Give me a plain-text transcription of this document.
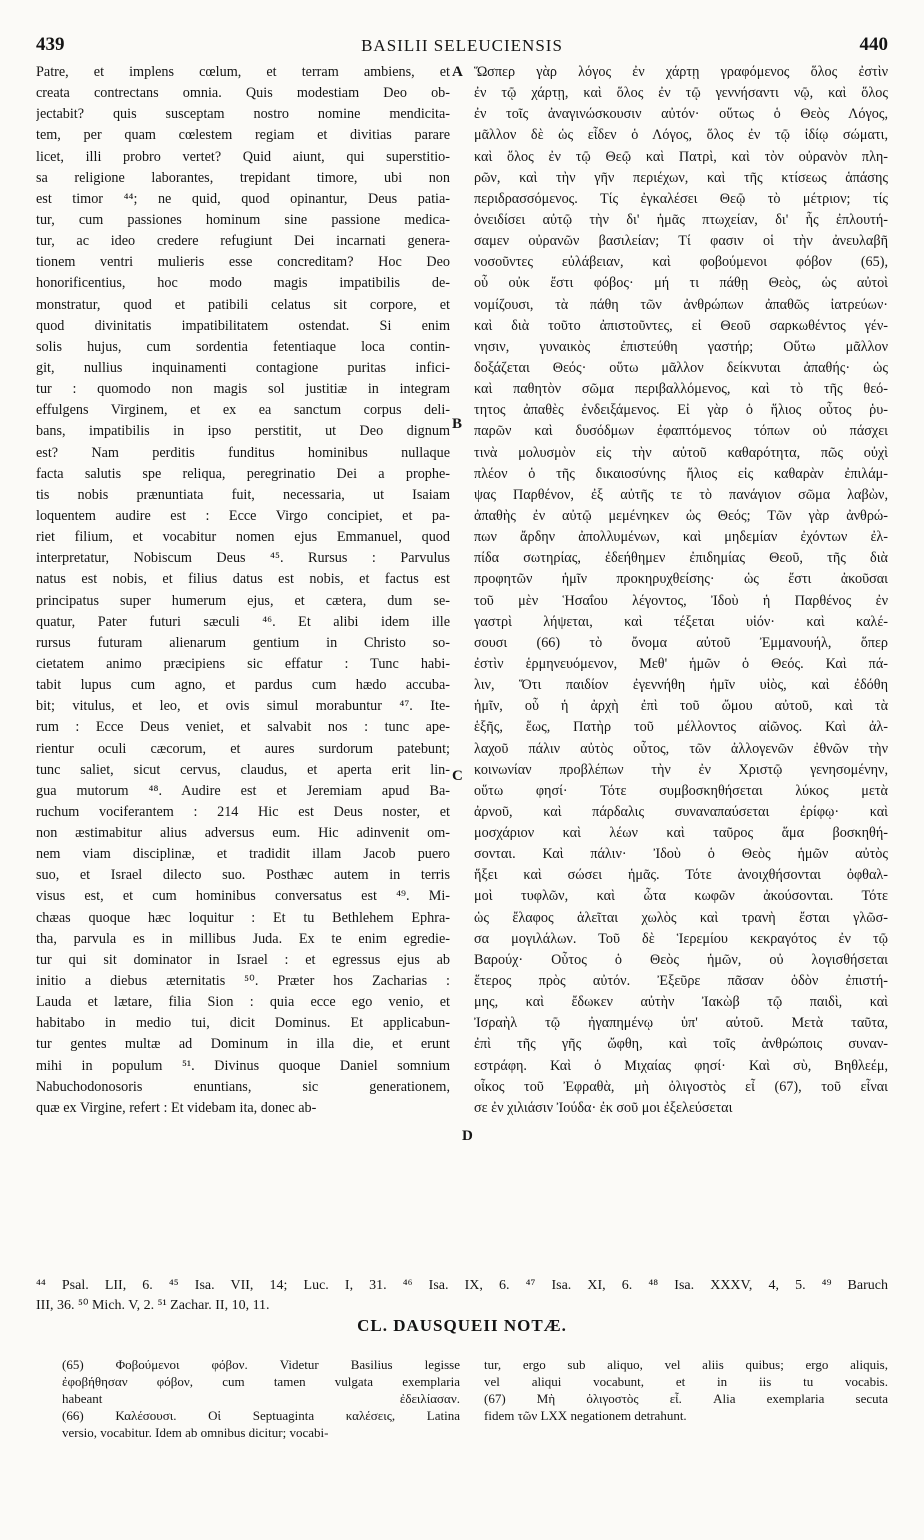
439	BASILII SELEUCIENSIS	440
Patre, et implens cœlum, et terram ambiens, et
creata contrectans omnia. Quis modestiam Deo ob-
jectabit? quis susceptam nostro nomine mendicita-
tem, per quam cœlestem regiam et divitias parare
licet, illi probro vertet? Quid aiunt, qui superstitio-
sa religione laborantes, trepidant timore, ubi non
est timor ⁴⁴; ne quid, quod opinantur, Deus patia-
tur, cum passiones hominum sine passione medica-
tur, ac ideo credere refugiunt Dei incarnati genera-
tionem ventri mulieris esse concreditam? Hoc Deo
honorificentius, hoc modo magis impatibilis de-
monstratur, quod et patibili celatus sit corpore, et
quod divinitatis impatibilitatem ostendat. Si enim
solis hujus, cum sordentia fetentiaque loca contin-
git, nullius inquinamenti contagione puritas infici-
tur : quomodo non magis sol justitiæ in integram
effulgens Virginem, et ex ea sanctum corpus deli-
bans, impatibilis in ipso perstitit, ut Deo dignum
est? Nam perditis funditus hominibus nullaque
facta salutis spe reliqua, peregrinatio Dei a prophe-
tis nobis prænuntiata fuit, necessaria, ut Isaiam
loquentem audire est : Ecce Virgo concipiet, et pa-
riet filium, et vocabitur nomen ejus Emmanuel, quod
interpretatur, Nobiscum Deus ⁴⁵. Rursus : Parvulus
natus est nobis, et filius datus est nobis, et factus est
principatus super humerum ejus, et cætera, dum se-
quatur, Pater futuri sæculi ⁴⁶. Et alibi idem ille
rursus futuram alienarum gentium in Christo so-
cietatem animo præcipiens sic effatur : Tunc habi-
tabit lupus cum agno, et pardus cum hædo accuba-
bit; vitulus, et leo, et ovis simul morabuntur ⁴⁷. Ite-
rum : Ecce Deus veniet, et salvabit nos : tunc ape-
rientur oculi cæcorum, et aures surdorum patebunt;
tunc saliet, sicut cervus, claudus, et aperta erit lin-
gua mutorum ⁴⁸. Audire est et Jeremiam apud Ba-
ruchum vociferantem : 214 Hic est Deus noster, et
non æstimabitur alius adversus eum. Hic adinvenit om-
nem viam disciplinæ, et tradidit illam Jacob puero
suo, et Israel dilecto suo. Posthæc autem in terris
visus est, et cum hominibus conversatus est ⁴⁹. Mi-
chæas quoque hæc loquitur : Et tu Bethlehem Ephra-
tha, parvula es in millibus Juda. Ex te enim egredie-
tur qui sit dominator in Israel : et egressus ejus ab
initio a diebus æternitatis ⁵⁰. Præter hos Zacharias :
Lauda et lætare, filia Sion : quia ecce ego venio, et
habitabo in medio tui, dicit Dominus. Et applicabun-
tur gentes multæ ad Dominum in illa die, et erunt
mihi in populum ⁵¹. Divinus quoque Daniel somnium
Nabuchodonosoris enuntians, sic generationem,
quæ ex Virgine, refert : Et videbam ita, donec ab-
Ὥσπερ γὰρ λόγος ἐν χάρτῃ γραφόμενος ὅλος ἐστὶν
ἐν τῷ χάρτῃ, καὶ ὅλος ἐν τῷ γεννήσαντι νῷ, καὶ ὅλος
ἐν τοῖς ἀναγινώσκουσιν αὐτόν· οὕτως ὁ Θεὸς Λόγος,
μᾶλλον δὲ ὡς εἶδεν ὁ Λόγος, ὅλος ἐν τῷ ἰδίῳ σώματι,
καὶ ὅλος ἐν τῷ Θεῷ καὶ Πατρὶ, καὶ τὸν οὐρανὸν πλη-
ρῶν, καὶ τὴν γῆν περιέχων, καὶ τῆς κτίσεως ἁπάσης
περιδρασσόμενος. Τίς ἐγκαλέσει Θεῷ τὸ μέτριον; τίς
ὀνειδίσει αὐτῷ τὴν δι' ἡμᾶς πτωχείαν, δι' ἧς ἐπλουτή-
σαμεν οὐρανῶν βασιλείαν; Τί φασιν οἱ τὴν ἀνευλαβῆ
νοσοῦντες εὐλάβειαν, καὶ φοβούμενοι φόβον (65),
οὗ οὐκ ἔστι φόβος· μή τι πάθῃ Θεὸς, ὡς αὐτοὶ
νομίζουσι, τὰ πάθη τῶν ἀνθρώπων ἀπαθῶς ἰατρεύων·
καὶ διὰ τοῦτο ἀπιστοῦντες, εἰ Θεοῦ σαρκωθέντος γέν-
νησιν, γυναικὸς ἐπιστεύθη γαστήρ; Οὕτω μᾶλλον
δοξάζεται Θεός· οὕτω μᾶλλον δείκνυται ἀπαθής· ὡς
καὶ παθητὸν σῶμα περιβαλλόμενος, καὶ τὸ τῆς θεό-
τητος ἀπαθὲς ἐνδειξάμενος. Εἰ γὰρ ὁ ἥλιος οὗτος ῥυ-
παρῶν καὶ δυσόδμων ἐφαπτόμενος τόπων οὐ πάσχει
τινὰ μολυσμὸν εἰς τὴν αὐτοῦ καθαρότητα, πῶς οὐχὶ
πλέον ὁ τῆς δικαιοσύνης ἥλιος εἰς καθαρὰν ἐπιλάμ-
ψας Παρθένον, ἐξ αὐτῆς τε τὸ πανάγιον σῶμα λαβὼν,
ἀπαθὴς ἐν αὐτῷ μεμένηκεν ὡς Θεός; Τῶν γὰρ ἀνθρώ-
πων ἄρδην ἀπολλυμένων, καὶ μηδεμίαν ἐχόντων ἐλ-
πίδα σωτηρίας, ἐδεήθημεν ἐπιδημίας Θεοῦ, τῆς διὰ
προφητῶν ἡμῖν προκηρυχθείσης· ὡς ἔστι ἀκοῦσαι
τοῦ μὲν Ἡσαΐου λέγοντος, Ἰδοὺ ἡ Παρθένος ἐν
γαστρὶ λήψεται, καὶ τέξεται υἱόν· καὶ καλέ-
σουσι (66) τὸ ὄνομα αὐτοῦ Ἐμμανουήλ, ὅπερ
ἐστὶν ἑρμηνευόμενον, Μεθ' ἡμῶν ὁ Θεός. Καὶ πά-
λιν, Ὅτι παιδίον ἐγεννήθη ἡμῖν υἱὸς, καὶ ἐδόθη
ἡμῖν, οὗ ἡ ἀρχὴ ἐπὶ τοῦ ὤμου αὐτοῦ, καὶ τὰ
ἑξῆς, ἕως, Πατὴρ τοῦ μέλλοντος αἰῶνος. Καὶ ἀλ-
λαχοῦ πάλιν αὐτὸς οὗτος, τῶν ἀλλογενῶν ἐθνῶν τὴν
κοινωνίαν προβλέπων τὴν ἐν Χριστῷ γενησομένην,
οὕτω φησί· Τότε συμβοσκηθήσεται λύκος μετὰ
ἀρνοῦ, καὶ πάρδαλις συναναπαύσεται ἐρίφῳ· καὶ
μοσχάριον καὶ λέων καὶ ταῦρος ἅμα βοσκηθή-
σονται. Καὶ πάλιν· Ἰδοὺ ὁ Θεὸς ἡμῶν αὐτὸς
ἥξει καὶ σώσει ἡμᾶς. Τότε ἀνοιχθήσονται ὀφθαλ-
μοὶ τυφλῶν, καὶ ὦτα κωφῶν ἀκούσονται. Τότε
ὡς ἔλαφος ἁλεῖται χωλὸς καὶ τρανὴ ἔσται γλῶσ-
σα μογιλάλων. Τοῦ δὲ Ἱερεμίου κεκραγότος ἐν τῷ
Βαρούχ· Οὗτος ὁ Θεὸς ἡμῶν, οὐ λογισθήσεται
ἕτερος πρὸς αὐτόν. Ἐξεῦρε πᾶσαν ὁδὸν ἐπιστή-
μης, καὶ ἔδωκεν αὐτὴν Ἰακὼβ τῷ παιδὶ, καὶ
Ἰσραὴλ τῷ ἠγαπημένῳ ὑπ' αὐτοῦ. Μετὰ ταῦτα,
ἐπὶ τῆς γῆς ὤφθη, καὶ τοῖς ἀνθρώποις συναν-
εστράφη. Καὶ ὁ Μιχαίας φησί· Καὶ σὺ, Βηθλεέμ,
οἶκος τοῦ Ἐφραθὰ, μὴ ὀλιγοστὸς εἶ (67), τοῦ εἶναι
σε ἐν χιλιάσιν Ἰούδα· ἐκ σοῦ μοι ἐξελεύσεται
A
B
C
D
⁴⁴ Psal. LII, 6. ⁴⁵ Isa. VII, 14; Luc. I, 31. ⁴⁶ Isa. IX, 6. ⁴⁷ Isa. XI, 6. ⁴⁸ Isa. XXXV, 4, 5. ⁴⁹ Baruch
III, 36. ⁵⁰ Mich. V, 2. ⁵¹ Zachar. II, 10, 11.
CL. DAUSQUEII NOTÆ.
(65) Φοβούμενοι φόβον. Videtur Basilius legisse
ἐφοβήθησαν φόβον, cum tamen vulgata exemplaria
habeant ἐδειλίασαν.
(66) Καλέσουσι. Οἱ Septuaginta καλέσεις, Latina
versio, vocabitur. Idem ab omnibus dicitur; vocabi-
tur, ergo sub aliquo, vel aliis quibus; ergo aliquis,
vel aliqui vocabunt, et in iis tu vocabis.
(67) Μὴ ὀλιγοστὸς εἶ. Alia exemplaria secuta
fidem τῶν LXX negationem detrahunt.
